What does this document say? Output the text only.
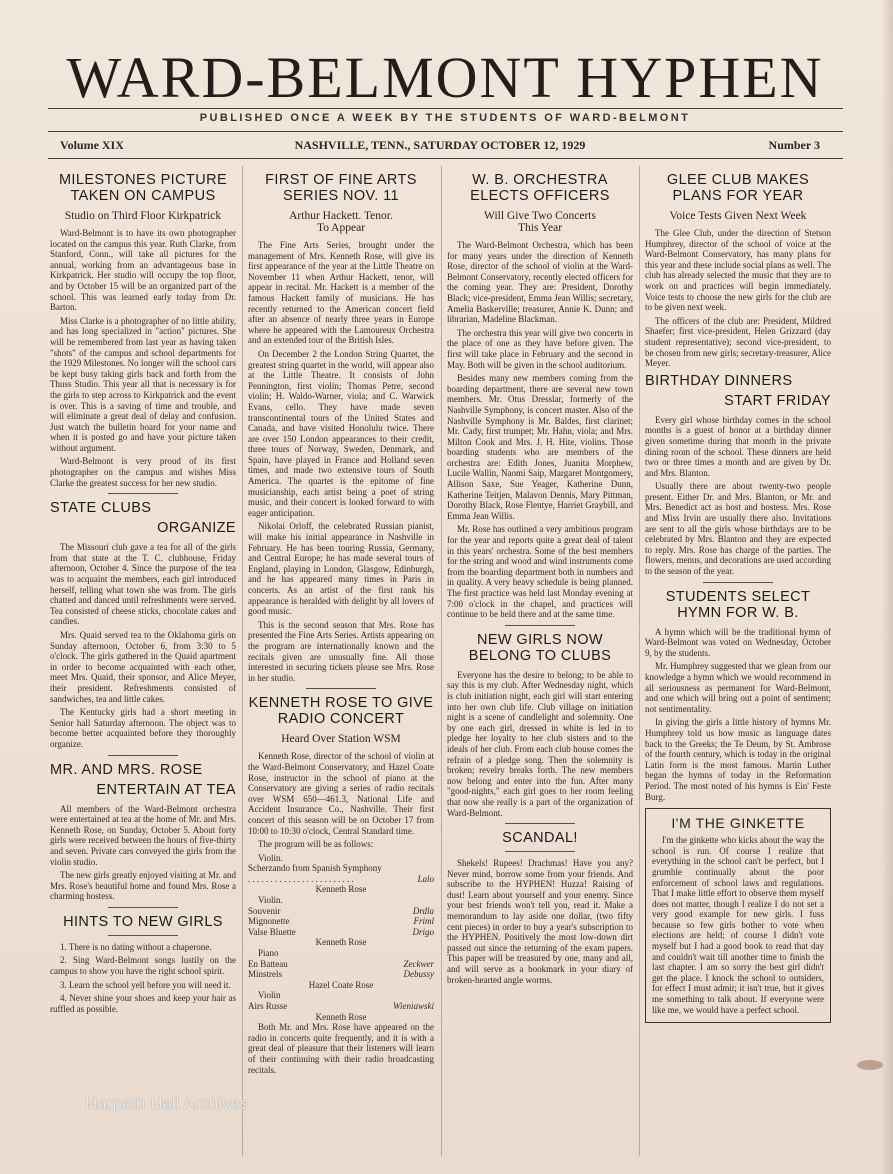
WARD-BELMONT HYPHEN
PUBLISHED ONCE A WEEK BY THE STUDENTS OF WARD-BELMONT
Volume XIX	NASHVILLE, TENN., SATURDAY OCTOBER 12, 1929	Number 3
MILESTONES PICTURE TAKEN ON CAMPUS
Studio on Third Floor Kirkpatrick

Ward-Belmont is to have its own photographer located on the campus this year. Ruth Clarke, from Stanford, Conn., will take all pictures for the annual, working from an advantageous base in Kirkpatrick. Her studio will occupy the top floor, and by October 15 will be an organized part of the school. This was learned early today from Dr. Barton.

Miss Clarke is a photographer of no little ability, and has long specialized in "action" pictures. She will be remembered from last year as having taken "shots" of the campus and school departments for the 1929 Milestones. No longer will the school cars be kept busy taking girls back and forth from the Thuss Studio. This year all that is necessary is for the girls to step across to Kirkpatrick and the event is over. This is a saving of time and trouble, and will eliminate a great deal of delay and confusion. Just watch the bulletin board for your name and when it is posted go and have your picture taken without argument.

Ward-Belmont is very proud of its first photographer on the campus and wishes Miss Clarke the greatest success for her new studio.

STATE CLUBS
ORGANIZE

The Missouri club gave a tea for all of the girls from that state at the T. C. clubhouse, Friday afternoon, October 4. Since the purpose of the tea was to acquaint the members, each girl introduced herself, telling what town she was from. The girls chatted and danced until refreshments were served. Tea consisted of cheese sticks, chocolate cakes and candies.

Mrs. Quaid served tea to the Oklahoma girls on Sunday afternoon, October 6, from 3:30 to 5 o'clock. The girls gathered in the Quaid apartment in order to become acquainted with each other, meet Mrs. Quaid, their sponsor, and Alice Meyer, their president. Refreshments consisted of sandwiches, tea and little cakes.

The Kentucky girls had a short meeting in Senior hall Saturday afternoon. The object was to become better acquainted before they thoroughly organize.

MR. AND MRS. ROSE
ENTERTAIN AT TEA

All members of the Ward-Belmont orchestra were entertained at tea at the home of Mr. and Mrs. Kenneth Rose, on Sunday, October 5. About forty girls were received between the hours of five-thirty and seven. Private cars conveyed the girls from the violin studio.

The new girls greatly enjoyed visiting at Mr. and Mrs. Rose's beautiful home and found Mrs. Rose a charming hostess.

HINTS TO NEW GIRLS

1. There is no dating without a chaperone.

2. Sing Ward-Belmont songs lustily on the campus to show you have the right school spirit.

3. Learn the school yell before you will need it.

4. Never shine your shoes and keep your hair as ruffled as possible.

FIRST OF FINE ARTS SERIES NOV. 11
Arthur Hackett. Tenor.
To Appear

The Fine Arts Series, brought under the management of Mrs. Kenneth Rose, will give its first appearance of the year at the Little Theatre on November 11 when Arthur Hackett, tenor, will appear in recital. Mr. Hackett is a member of the famous Hackett family of musicians. He has recently returned to the American concert field after an absence of nearly three years in Europe where he appeared with the Lamoureux Orchestra and an extended tour of the British Isles.

On December 2 the London String Quartet, the greatest string quartet in the world, will appear also at the Little Theatre. It consists of John Pennington, first violin; Thomas Petre, second violin; H. Waldo-Warner, viola; and C. Warwick Evans, cello. They have made seven transcontinental tours of the United States and Canada, and have visited Honolulu twice. There are over 150 London appearances to their credit, three tours of Norway, Sweden, Denmark, and Spain, have played in France and Holland seven times, and made two extensive tours of South America. The quartet is the epitome of fine musicianship, each artist being a poet of string music, and their concert is looked forward to with eager anticipation.

Nikolai Orloff, the celebrated Russian pianist, will make his initial appearance in Nashville in February. He has been touring Russia, Germany, and Central Europe; he has made several tours of England, playing in London, Glasgow, Edinburgh, and he has appeared many times in Paris in concerts. As an artist of the first rank his appearance is heralded with delight by all lovers of good music.

This is the second season that Mrs. Rose has presented the Fine Arts Series. Artists appearing on the program are internationally known and the recitals given are unusually fine. All those interested in securing tickets please see Mrs. Rose in her studio.

KENNETH ROSE TO GIVE RADIO CONCERT
Heard Over Station WSM

Kenneth Rose, director of the school of violin at the Ward-Belmont Conservatory, and Hazel Coate Rose, instructor in the school of piano at the Conservatory are giving a series of radio recitals over WSM 650—461.3, National Life and Accident Insurance Co., Nashville. Their first concert of this season will be on October 17 from 10:00 to 10:30 o'clock, Central Standard time.

The program will be as follows:

Violin.
Scherzando from Spanish Symphony
. . . . . . . . . . . . . . . . . . . . . . . .	Lalo
Kenneth Rose
Violin.
Souvenir	Drdla
Mignonette	Friml
Valse Bluette	Drigo
Kenneth Rose
Piano
En Batteau	Zeckwer
Minstrels	Debussy
Hazel Coate Rose
Violin
Airs Russe	Wieniawski
Kenneth Rose

Both Mr. and Mrs. Rose have appeared on the radio in concerts quite frequently, and it is with a great deal of pleasure that their listeners will learn of their continuing with their radio broadcasting recitals.

W. B. ORCHESTRA ELECTS OFFICERS
Will Give Two Concerts
This Year

The Ward-Belmont Orchestra, which has been for many years under the direction of Kenneth Rose, director of the school of violin at the Ward-Belmont Conservatory, recently elected officers for the coming year. They are: President, Dorothy Black; vice-president, Emma Jean Willis; secretary, Amelia Baskerville; treasurer, Annie K. Dunn; and librarian, Madeline Blackman.

The orchestra this year will give two concerts in the place of one as they have before given. The first will take place in February and the second in May. Both will be given in the school auditorium.

Besides many new members coming from the boarding department, there are several new town members. Mr. Otus Dresslar, formerly of the Nashville Symphony, is concert master. Also of the Nashville Symphony is Mr. Baldes, first clarinet; Mr. Cady, first trumpet; Mr. Hahn, viola; and Mrs. Milton Cook and Mrs. J. H. Hite, violins. Those boarding students who are members of the orchestra are: Edith Jones, Juanita Morphew, Lucile Wallin, Naomi Saip, Margaret Montgomery, Allison Saxe, Sue Yeager, Katherine Dunn, Katherine Teitjen, Malavon Dennis, Mary Pittman, Dorothy Black, Rose Flentye, Harriet Graybill, and Emma Jean Willis.

Mr. Rose has outlined a very ambitious program for the year and reports quite a great deal of talent in this years' orchestra. Some of the best members for the string and wood and wind instruments come from the boarding department both in numbers and in quality. A very heavy schedule is being planned. The first practice was held last Monday evening at 7:00 o'clock in the chapel, and practices will continue to be held there and at the same time.

NEW GIRLS NOW BELONG TO CLUBS

Everyone has the desire to belong; to be able to say this is my club. After Wednesday night, which is club initiation night, each girl will start entering into her own club life. Club village on initiation night is a scene of candlelight and solemnity. One by one each girl, dressed in white is led in to pledge her loyalty to her club sisters and to the ideals of her club. From each club house comes the refrain of a pledge song. Then the solemnity is broken; revelry breaks forth. The new members now belong and enter into the fun. After many "good-nights," each girl goes to her room feeling that now she really is a part of the organization of Ward-Belmont.

SCANDAL!

Shekels! Rupees! Drachmas! Have you any? Never mind, borrow some from your friends. And subscribe to the HYPHEN! Huzza! Raising of dust! Learn about yourself and your enemy. Since your best friends won't tell you, read it. Make a memorandum to lay aside one dollar, (two fifty cent pieces) in order to buy a year's subscription to the HYPHEN. Positively the most low-down dirt passed out since the returning of the exam papers. This paper will be treasured by one, many and all, and will serve as a bookmark in your diary of broken-hearted angle worms.

GLEE CLUB MAKES PLANS FOR YEAR
Voice Tests Given Next Week

The Glee Club, under the direction of Stetson Humphrey, director of the school of voice at the Ward-Belmont Conservatory, has many plans for this year and these include social plans as well. The club has already selected the music that they are to work on and practices will begin immediately. Voice tests to choose the new girls for the club are to be given next week.

The officers of the club are: President, Mildred Shaefer; first vice-president, Helen Grizzard (day student representative); second vice-president, to be chosen from new girls; secretary-treasurer, Alice Meyer.

BIRTHDAY DINNERS
START FRIDAY

Every girl whose birthday comes in the school months is a guest of honor at a birthday dinner given sometime during that month in the private dining room of the school. These dinners are held two or three times a month and are given by Dr. and Mrs. Blanton.

Usually there are about twenty-two people present. Either Dr. and Mrs. Blanton, or Mr. and Mrs. Benedict act as host and hostess. Mrs. Rose and Miss Irvin are usually there also. Invitations are sent to all the girls whose birthdays are to be celebrated by Mrs. Blanton and they are expected to reply. Mrs. Rose has charge of the parties. The flowers, menus, and decorations are used according to the season of the year.

STUDENTS SELECT HYMN FOR W. B.

A hymn which will be the traditional hymn of Ward-Belmont was voted on Wednesday, October 9, by the students.

Mr. Humphrey suggested that we glean from our knowledge a hymn which we would recommend in all seriousness as permanent for Ward-Belmont, and one which will bring out a point of sentiment; not sentimentality.

In giving the girls a little history of hymns Mr. Humphrey told us how music as language dates back to the Greeks; the Te Deum, by St. Ambrose of the fourth century, which is today in the original Latin form is the most famous. Martin Luther began the hymns of today in the Reformation Period. The most noted of his hymns is Ein' Feste Burg.

I'M THE GINKETTE

I'm the ginkette who kicks about the way the school is run. Of course I realize that everything in the school can't be perfect, but I grumble continually about the poor enforcement of school laws and regulations. That I make little effort to observe them myself does not matter, though I realize I do not set a very good example for new girls. I fuss because so few girls bother to vote when elections are held; of course I didn't vote myself but I had a good book to read that day and couldn't wait till another time to finish the last chapter. I am so sorry the best girl didn't get the place. I knock the school to outsiders, for effect I must admit; it isn't true, but it gives me something to talk about. If everyone were like me, we would have a perfect school.

Harpeth Hall Archives
